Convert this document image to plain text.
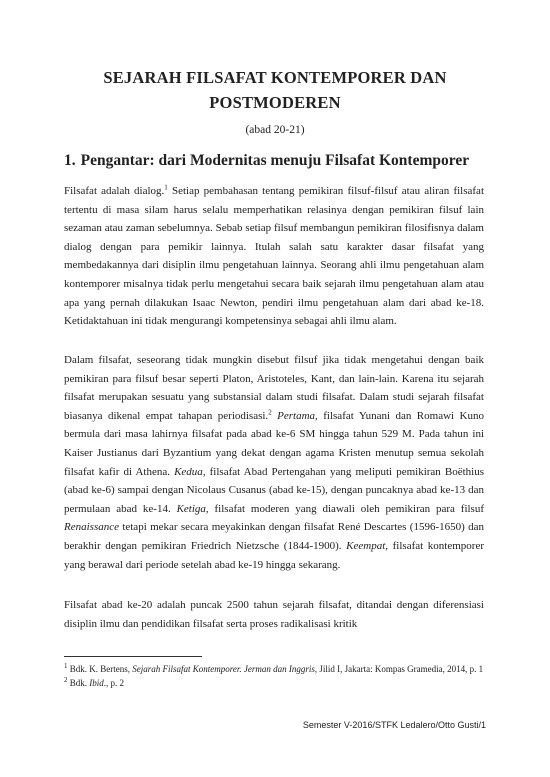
SEJARAH FILSAFAT KONTEMPORER DAN
POSTMODEREN
(abad 20-21)
1. Pengantar: dari Modernitas menuju Filsafat Kontemporer

Filsafat adalah dialog.$^1$ Setiap pembahasan tentang pemikiran filsuf-filsuf atau aliran filsafat tertentu di masa silam harus selalu memperhatikan relasinya dengan pemikiran filsuf lain sezaman atau zaman sebelumnya. Sebab setiap filsuf membangun pemikiran filosifisnya dalam dialog dengan para pemikir lainnya. Itulah salah satu karakter dasar filsafat yang membedakannya dari disiplin ilmu pengetahuan lainnya. Seorang ahli ilmu pengetahuan alam kontemporer misalnya tidak perlu mengetahui secara baik sejarah ilmu pengetahuan alam atau apa yang pernah dilakukan Isaac Newton, pendiri ilmu pengetahuan alam dari abad ke-18. Ketidaktahuan ini tidak mengurangi kompetensinya sebagai ahli ilmu alam.

Dalam filsafat, seseorang tidak mungkin disebut filsuf jika tidak mengetahui dengan baik pemikiran para filsuf besar seperti Platon, Aristoteles, Kant, dan lain-lain. Karena itu sejarah filsafat merupakan sesuatu yang substansial dalam studi filsafat. Dalam studi sejarah filsafat biasanya dikenal empat tahapan periodisasi.$^2$ Pertama, filsafat Yunani dan Romawi Kuno bermula dari masa lahirnya filsafat pada abad ke-6 SM hingga tahun 529 M. Pada tahun ini Kaiser Justianus dari Byzantium yang dekat dengan agama Kristen menutup semua sekolah filsafat kafir di Athena. Kedua, filsafat Abad Pertengahan yang meliputi pemikiran Boëthius (abad ke-6) sampai dengan Nicolaus Cusanus (abad ke-15), dengan puncaknya abad ke-13 dan permulaan abad ke-14. Ketiga, filsafat moderen yang diawali oleh pemikiran para filsuf Renaissance tetapi mekar secara meyakinkan dengan filsafat René Descartes (1596-1650) dan berakhir dengan pemikiran Friedrich Nietzsche (1844-1900). Keempat, filsafat kontemporer yang berawal dari periode setelah abad ke-19 hingga sekarang.

Filsafat abad ke-20 adalah puncak 2500 tahun sejarah filsafat, ditandai dengan diferensiasi disiplin ilmu dan pendidikan filsafat serta proses radikalisasi kritik

$^1$ Bdk. K. Bertens, Sejarah Filsafat Kontemporer. Jerman dan Inggris, Jilid I, Jakarta: Kompas Gramedia, 2014, p. 1
$^2$ Bdk. Ibid., p. 2
Semester V-2016/STFK Ledalero/Otto Gusti/1
